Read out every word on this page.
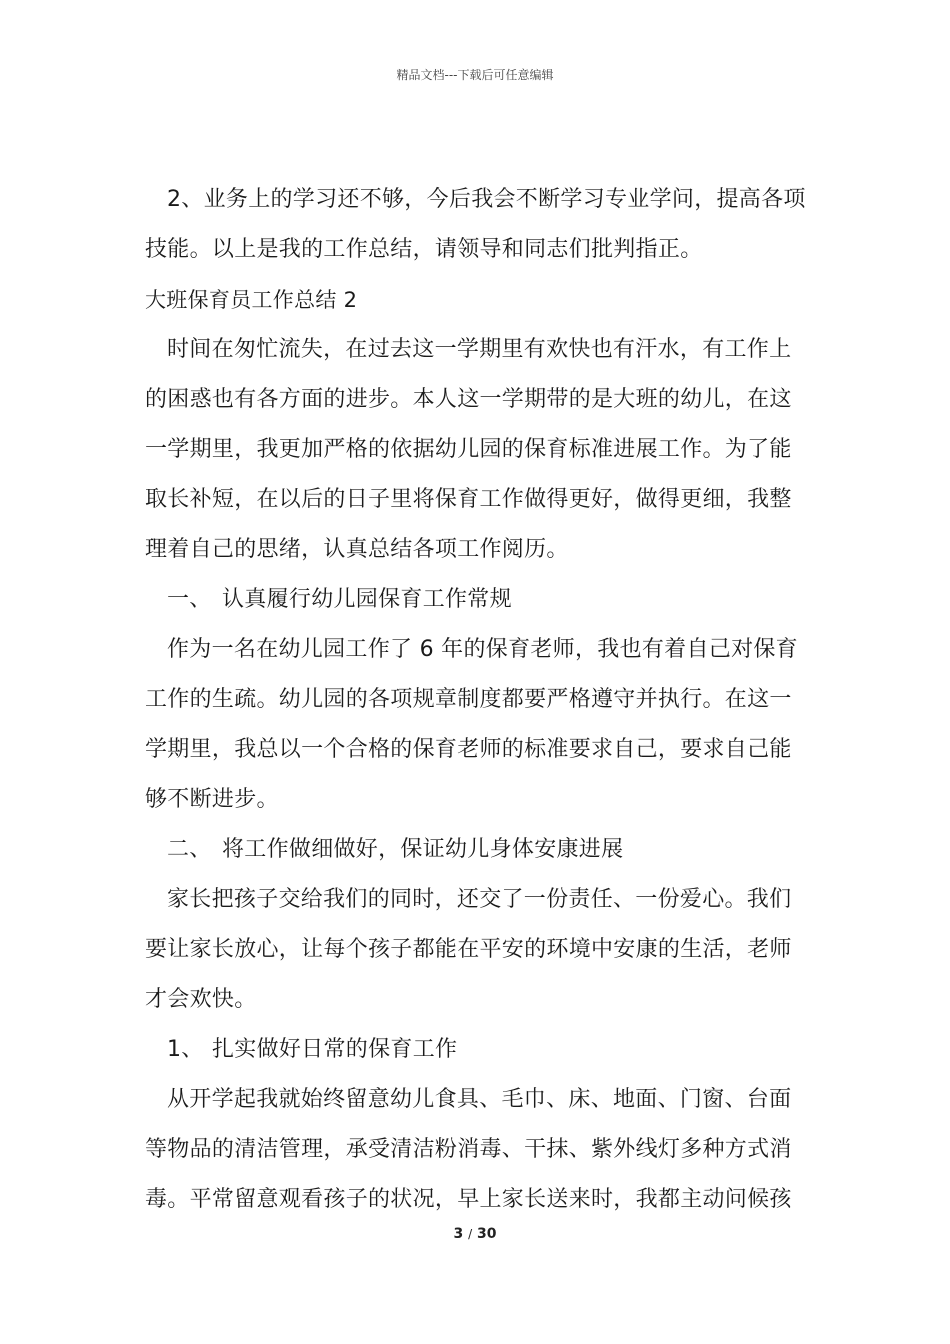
精品文档---下载后可任意编辑
2、业务上的学习还不够，今后我会不断学习专业学问，提高各项
技能。以上是我的工作总结，请领导和同志们批判指正。
大班保育员工作总结 2
时间在匆忙流失，在过去这一学期里有欢快也有汗水，有工作上
的困惑也有各方面的进步。本人这一学期带的是大班的幼儿，在这
一学期里，我更加严格的依据幼儿园的保育标准进展工作。为了能
取长补短，在以后的日子里将保育工作做得更好，做得更细，我整
理着自己的思绪，认真总结各项工作阅历。
一、 认真履行幼儿园保育工作常规
作为一名在幼儿园工作了 6 年的保育老师，我也有着自己对保育
工作的生疏。幼儿园的各项规章制度都要严格遵守并执行。在这一
学期里，我总以一个合格的保育老师的标准要求自己，要求自己能
够不断进步。
二、 将工作做细做好，保证幼儿身体安康进展
家长把孩子交给我们的同时，还交了一份责任、一份爱心。我们
要让家长放心，让每个孩子都能在平安的环境中安康的生活，老师
才会欢快。
1、 扎实做好日常的保育工作
从开学起我就始终留意幼儿食具、毛巾、床、地面、门窗、台面
等物品的清洁管理，承受清洁粉消毒、干抹、紫外线灯多种方式消
毒。平常留意观看孩子的状况，早上家长送来时，我都主动问候孩
3 / 30
